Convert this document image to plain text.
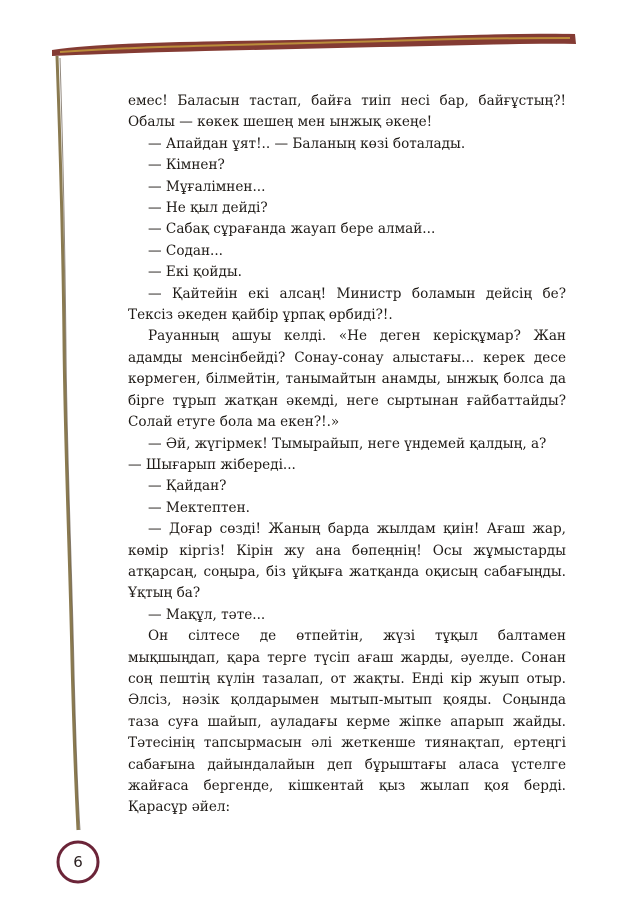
емес! Баласын тастап, байға тиіп несі бар, байғұстың?! Обалы — көкек шешең мен ынжық әкеңе!

— Апайдан ұят!.. — Баланың көзі боталады.

— Кімнен?

— Мұғалімнен...

— Не қыл дейді?

— Сабақ сұрағанда жауап бере алмай...

— Содан...

— Екі қойды.

— Қайтейін екі алсаң! Министр боламын дейсің бе? Тексіз әкеден қайбір ұрпақ өрбиді?!.

Рауанның ашуы келді. «Не деген керісқұмар? Жан адамды менсінбейді? Сонау-сонау алыстағы... керек десе көрмеген, білмейтін, танымайтын анамды, ынжық болса да бірге тұрып жатқан әкемді, неге сыртынан ғайбаттайды? Солай етуге бола ма екен?!.»

— Әй, жүгірмек! Тымырайып, неге үндемей қалдың, а?

— Шығарып жібереді...

— Қайдан?

— Мектептен.

— Доғар сөзді! Жаның барда жылдам қиін! Ағаш жар, көмір кіргіз! Кірін жу ана бөпеңнің! Осы жұмыстарды атқарсаң, соңыра, біз ұйқыға жатқанда оқисың сабағыңды. Ұқтың ба?

— Мақұл, тәте...

Он сілтесе де өтпейтін, жүзі тұқыл балтамен мықшыңдап, қара терге түсіп ағаш жарды, әуелде. Сонан соң пештің күлін тазалап, от жақты. Енді кір жуып отыр. Әлсіз, нәзік қолдарымен мытып-мытып қояды. Соңында таза суға шайып, ауладағы керме жіпке апарып жайды. Тәтесінің тапсырмасын әлі жеткенше тиянақтап, ертеңгі сабағына дайындалайын деп бұрыштағы аласа үстелге жайғаса бергенде, кішкентай қыз жылап қоя берді. Қарасұр әйел:

6
